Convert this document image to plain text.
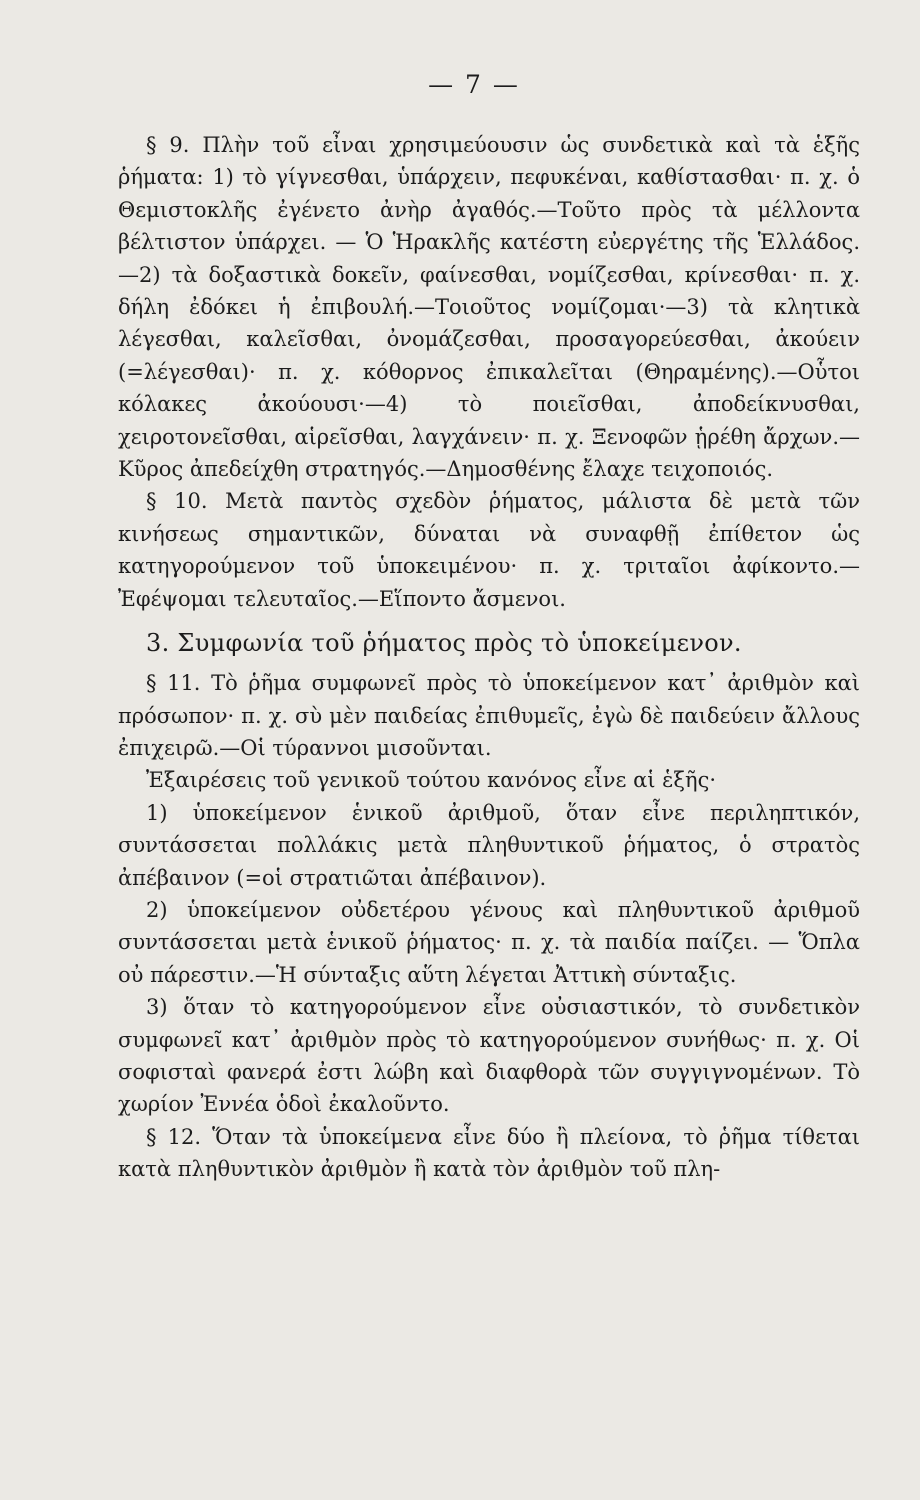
— 7 —

§ 9. Πλὴν τοῦ εἶναι χρησιμεύουσιν ὡς συνδετικὰ καὶ τὰ ἑξῆς ῥήματα: 1) τὸ γίγνεσθαι, ὑπάρχειν, πεφυκέναι, καθίστασθαι· π. χ. ὁ Θεμιστοκλῆς ἐγένετο ἀνὴρ ἀγαθός.—Τοῦτο πρὸς τὰ μέλλοντα βέλτιστον ὑπάρχει. — Ὁ Ἡρακλῆς κατέστη εὐεργέτης τῆς Ἑλλάδος.—2) τὰ δοξαστικὰ δοκεῖν, φαίνεσθαι, νομίζεσθαι, κρίνεσθαι· π. χ. δήλη ἐδόκει ἡ ἐπιβουλή.—Τοιοῦτος νομίζομαι·—3) τὰ κλητικὰ λέγεσθαι, καλεῖσθαι, ὀνομάζεσθαι, προσαγορεύεσθαι, ἀκούειν (=λέγεσθαι)· π. χ. κόθορνος ἐπικαλεῖται (Θηραμένης).—Οὗτοι κόλακες ἀκούουσι·—4) τὸ ποιεῖσθαι, ἀποδείκνυσθαι, χειροτονεῖσθαι, αἱρεῖσθαι, λαγχάνειν· π. χ. Ξενοφῶν ᾑρέθη ἄρχων.—Κῦρος ἀπεδείχθη στρατηγός.—Δημοσθένης ἔλαχε τειχοποιός.

§ 10. Μετὰ παντὸς σχεδὸν ῥήματος, μάλιστα δὲ μετὰ τῶν κινήσεως σημαντικῶν, δύναται νὰ συναφθῇ ἐπίθετον ὡς κατηγορούμενον τοῦ ὑποκειμένου· π. χ. τριταῖοι ἀφίκοντο.—Ἐφέψομαι τελευταῖος.—Εἵποντο ἄσμενοι.

3. Συμφωνία τοῦ ῥήματος πρὸς τὸ ὑποκείμενον.

§ 11. Τὸ ῥῆμα συμφωνεῖ πρὸς τὸ ὑποκείμενον κατ᾽ ἀριθμὸν καὶ πρόσωπον· π. χ. σὺ μὲν παιδείας ἐπιθυμεῖς, ἐγὼ δὲ παιδεύειν ἄλλους ἐπιχειρῶ.—Οἱ τύραννοι μισοῦνται.

Ἐξαιρέσεις τοῦ γενικοῦ τούτου κανόνος εἶνε αἱ ἑξῆς·

1) ὑποκείμενον ἑνικοῦ ἀριθμοῦ, ὅταν εἶνε περιληπτικόν, συντάσσεται πολλάκις μετὰ πληθυντικοῦ ῥήματος, ὁ στρατὸς ἀπέβαινον (=οἱ στρατιῶται ἀπέβαινον).

2) ὑποκείμενον οὐδετέρου γένους καὶ πληθυντικοῦ ἀριθμοῦ συντάσσεται μετὰ ἑνικοῦ ῥήματος· π. χ. τὰ παιδία παίζει. — Ὅπλα οὐ πάρεστιν.—Ἡ σύνταξις αὕτη λέγεται Ἀττικὴ σύνταξις.

3) ὅταν τὸ κατηγορούμενον εἶνε οὐσιαστικόν, τὸ συνδετικὸν συμφωνεῖ κατ᾽ ἀριθμὸν πρὸς τὸ κατηγορούμενον συνήθως· π. χ. Οἱ σοφισταὶ φανερά ἐστι λώβη καὶ διαφθορὰ τῶν συγγιγνομένων. Τὸ χωρίον Ἐννέα ὁδοὶ ἐκαλοῦντο.

§ 12. Ὅταν τὰ ὑποκείμενα εἶνε δύο ἢ πλείονα, τὸ ῥῆμα τίθεται κατὰ πληθυντικὸν ἀριθμὸν ἢ κατὰ τὸν ἀριθμὸν τοῦ πλη-
